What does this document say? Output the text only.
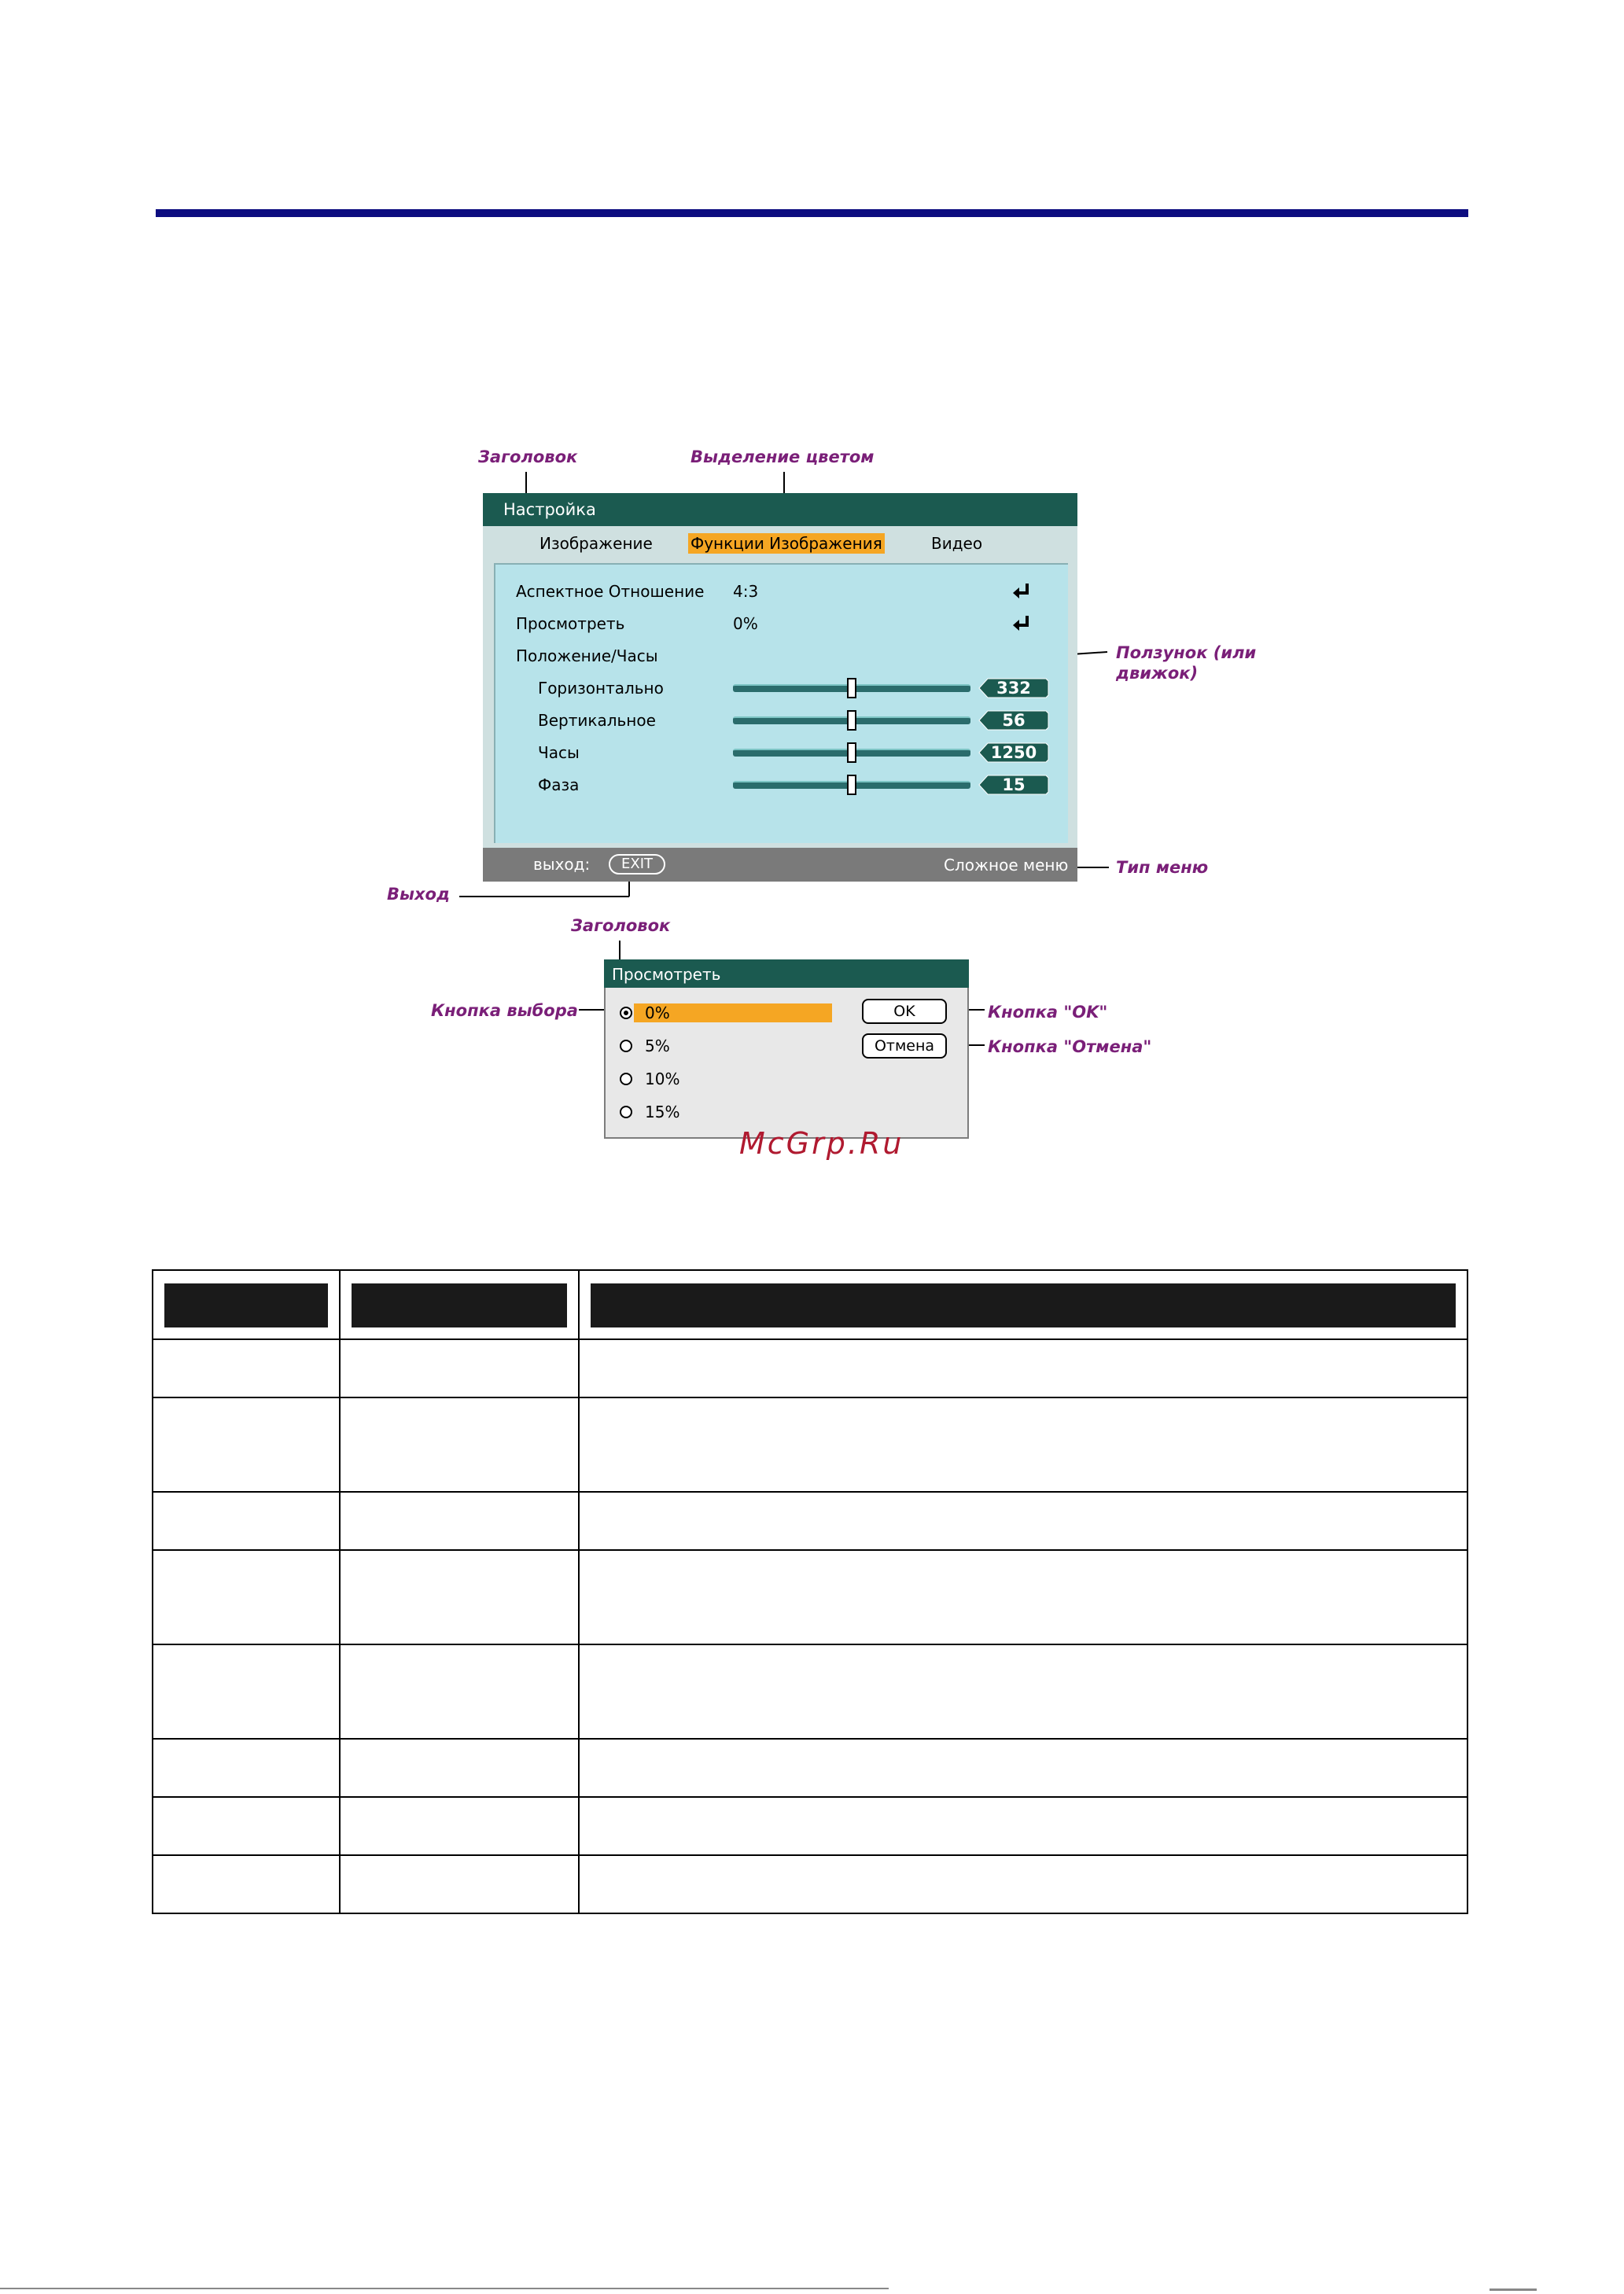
Заголовок	Выделение цветом
Ползунок (или движок)
Тип меню
Выход
Заголовок
Кнопка выбора	Кнопка "OK"
Кнопка "Отмена"
Настройка
Изображение Функции Изображения	Видео
Аспектное Отношение 4:3
Просмотреть	0%
Положение/Часы
Горизонтально	332
Вертикальное	56
Часы	1250
Фаза	15
выход:	EXIT	Сложное меню
Просмотреть
0%
5%
10%
15%
OK
Отмена
McGrp.Ru
